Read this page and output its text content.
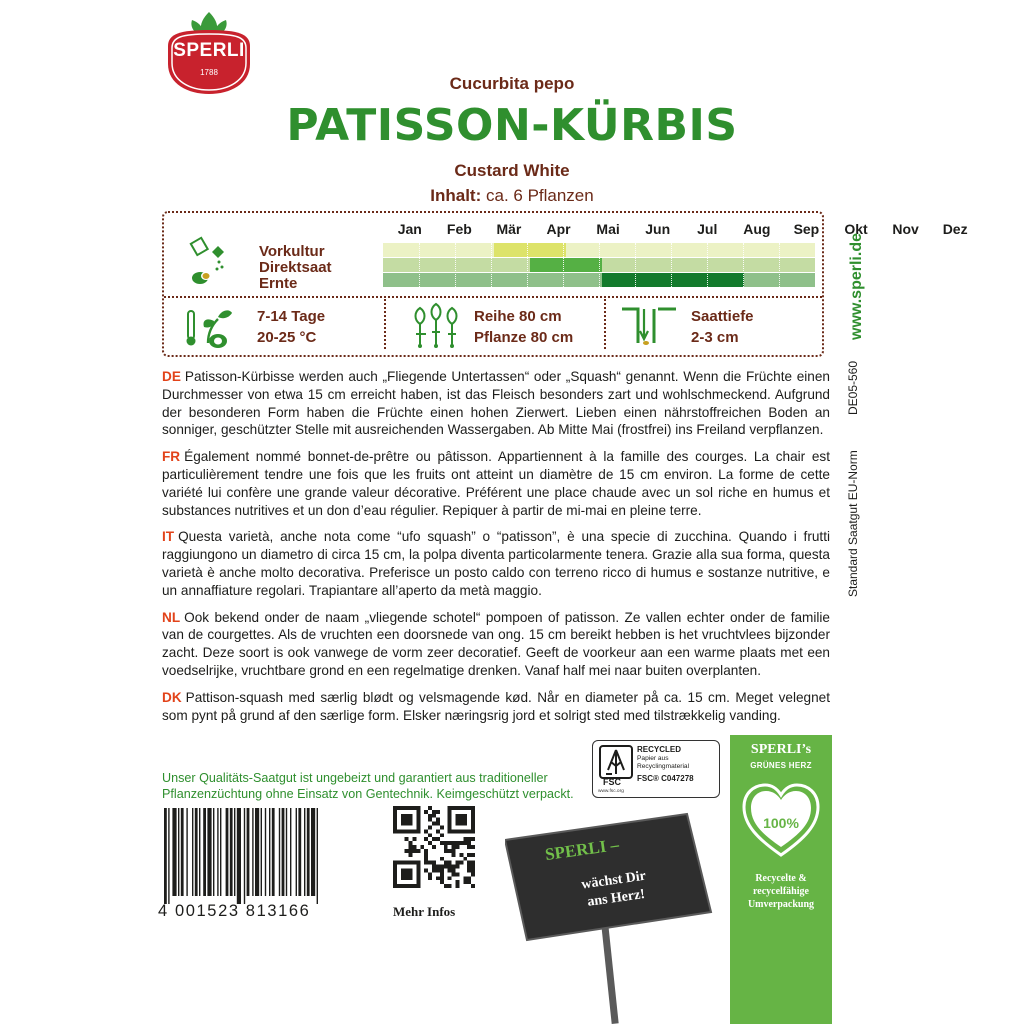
SPERLI
1788
Cucurbita pepo
PATISSON-KÜRBIS
Custard White
Inhalt: ca. 6 Pflanzen
Jan	Feb	Mär	Apr	Mai	Jun	Jul	Aug	Sep	Okt	Nov	Dez
Vorkultur
Direktsaat
Ernte
7-14 Tage
20-25 °C
Reihe 80 cm
Pflanze 80 cm
Saattiefe
2-3 cm	www.sperli.de
DE05-560
Standard Saatgut EU-Norm

DE Patisson-Kürbisse werden auch „Fliegende Untertassen“ oder „Squash“ genannt. Wenn die Früchte einen Durchmesser von etwa 15 cm erreicht haben, ist das Fleisch besonders zart und wohlschmeckend. Aufgrund der besonderen Form haben die Früchte einen hohen Zierwert. Lieben einen nährstoffreichen Boden an sonniger, geschützter Stelle mit ausreichenden Wassergaben. Ab Mitte Mai (frostfrei) ins Freiland verpflanzen.

FR Également nommé bonnet-de-prêtre ou pâtisson. Appartiennent à la famille des courges. La chair est particulièrement tendre une fois que les fruits ont atteint un diamètre de 15 cm environ. La forme de cette variété lui confère une grande valeur décorative. Préférent une place chaude avec un sol riche en humus et substances nutritives et un don d’eau régulier. Repiquer à partir de mi-mai en pleine terre.

IT Questa varietà, anche nota come “ufo squash” o “patisson”, è una specie di zucchina. Quando i frutti raggiungono un diametro di circa 15 cm, la polpa diventa particolarmente tenera. Grazie alla sua forma, questa varietà è anche molto decorativa. Preferisce un posto caldo con terreno ricco di humus e sostanze nutritive, e un annaffiature regolari. Trapiantare all’aperto da metà maggio.

NL Ook bekend onder de naam „vliegende schotel“ pompoen of patisson. Ze vallen echter onder de familie van de courgettes. Als de vruchten een doorsnede van ong. 15 cm bereikt hebben is het vruchtvlees bijzonder zacht. Deze soort is ook vanwege de vorm zeer decoratief. Geeft de voorkeur aan een warme plaats met een voedselrijke, vruchtbare grond en een regelmatige drenken. Vanaf half mei naar buiten overplanten.

DK Pattison-squash med særlig blødt og velsmagende kød. Når en diameter på ca. 15 cm. Meget velegnet som pynt på grund af den særlige form. Elsker næringsrig jord et solrigt sted med tilstrækkelig vanding.

Unser Qualitäts-Saatgut ist ungebeizt und garantiert aus traditioneller Pflanzenzüchtung ohne Einsatz von Gentechnik. Keimgeschützt verpackt.
4 001523 813166	Mehr Infos
FSC
www.fsc.org
RECYCLED
Papier aus
Recyclingmaterial
FSC® C047278
SPERLI –
wächst Dir
ans Herz!
SPERLI’s
GRÜNES HERZ
100%
Recycelte &
recycelfähige
Umverpackung
